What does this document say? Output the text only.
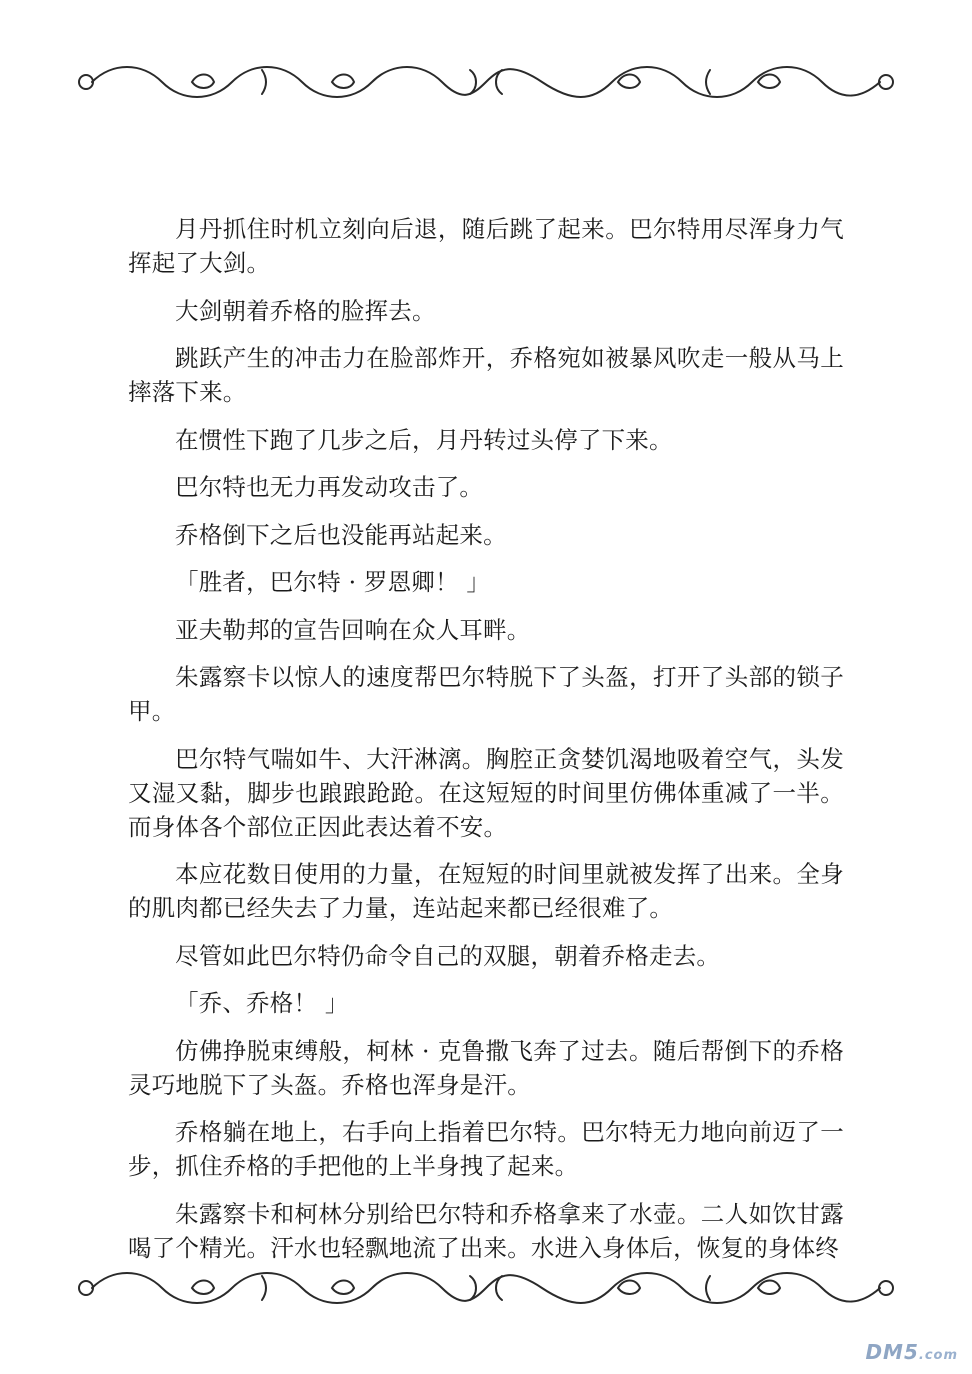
月丹抓住时机立刻向后退，随后跳了起来。巴尔特用尽浑身力气挥起了大剑。

大剑朝着乔格的脸挥去。

跳跃产生的冲击力在脸部炸开，乔格宛如被暴风吹走一般从马上摔落下来。

在惯性下跑了几步之后，月丹转过头停了下来。

巴尔特也无力再发动攻击了。

乔格倒下之后也没能再站起来。

「胜者，巴尔特 · 罗恩卿！ 」

亚夫勒邦的宣告回响在众人耳畔。

朱露察卡以惊人的速度帮巴尔特脱下了头盔，打开了头部的锁子甲。

巴尔特气喘如牛、大汗淋漓。胸腔正贪婪饥渴地吸着空气，头发又湿又黏，脚步也踉踉跄跄。在这短短的时间里仿佛体重减了一半。而身体各个部位正因此表达着不安。

本应花数日使用的力量，在短短的时间里就被发挥了出来。全身的肌肉都已经失去了力量，连站起来都已经很难了。

尽管如此巴尔特仍命令自己的双腿，朝着乔格走去。

「乔、乔格！ 」

仿佛挣脱束缚般，柯林 · 克鲁撒飞奔了过去。随后帮倒下的乔格灵巧地脱下了头盔。乔格也浑身是汗。

乔格躺在地上，右手向上指着巴尔特。巴尔特无力地向前迈了一步，抓住乔格的手把他的上半身拽了起来。

朱露察卡和柯林分别给巴尔特和乔格拿来了水壶。二人如饮甘露喝了个精光。汗水也轻飘地流了出来。水进入身体后，恢复的身体终

DM5.com
